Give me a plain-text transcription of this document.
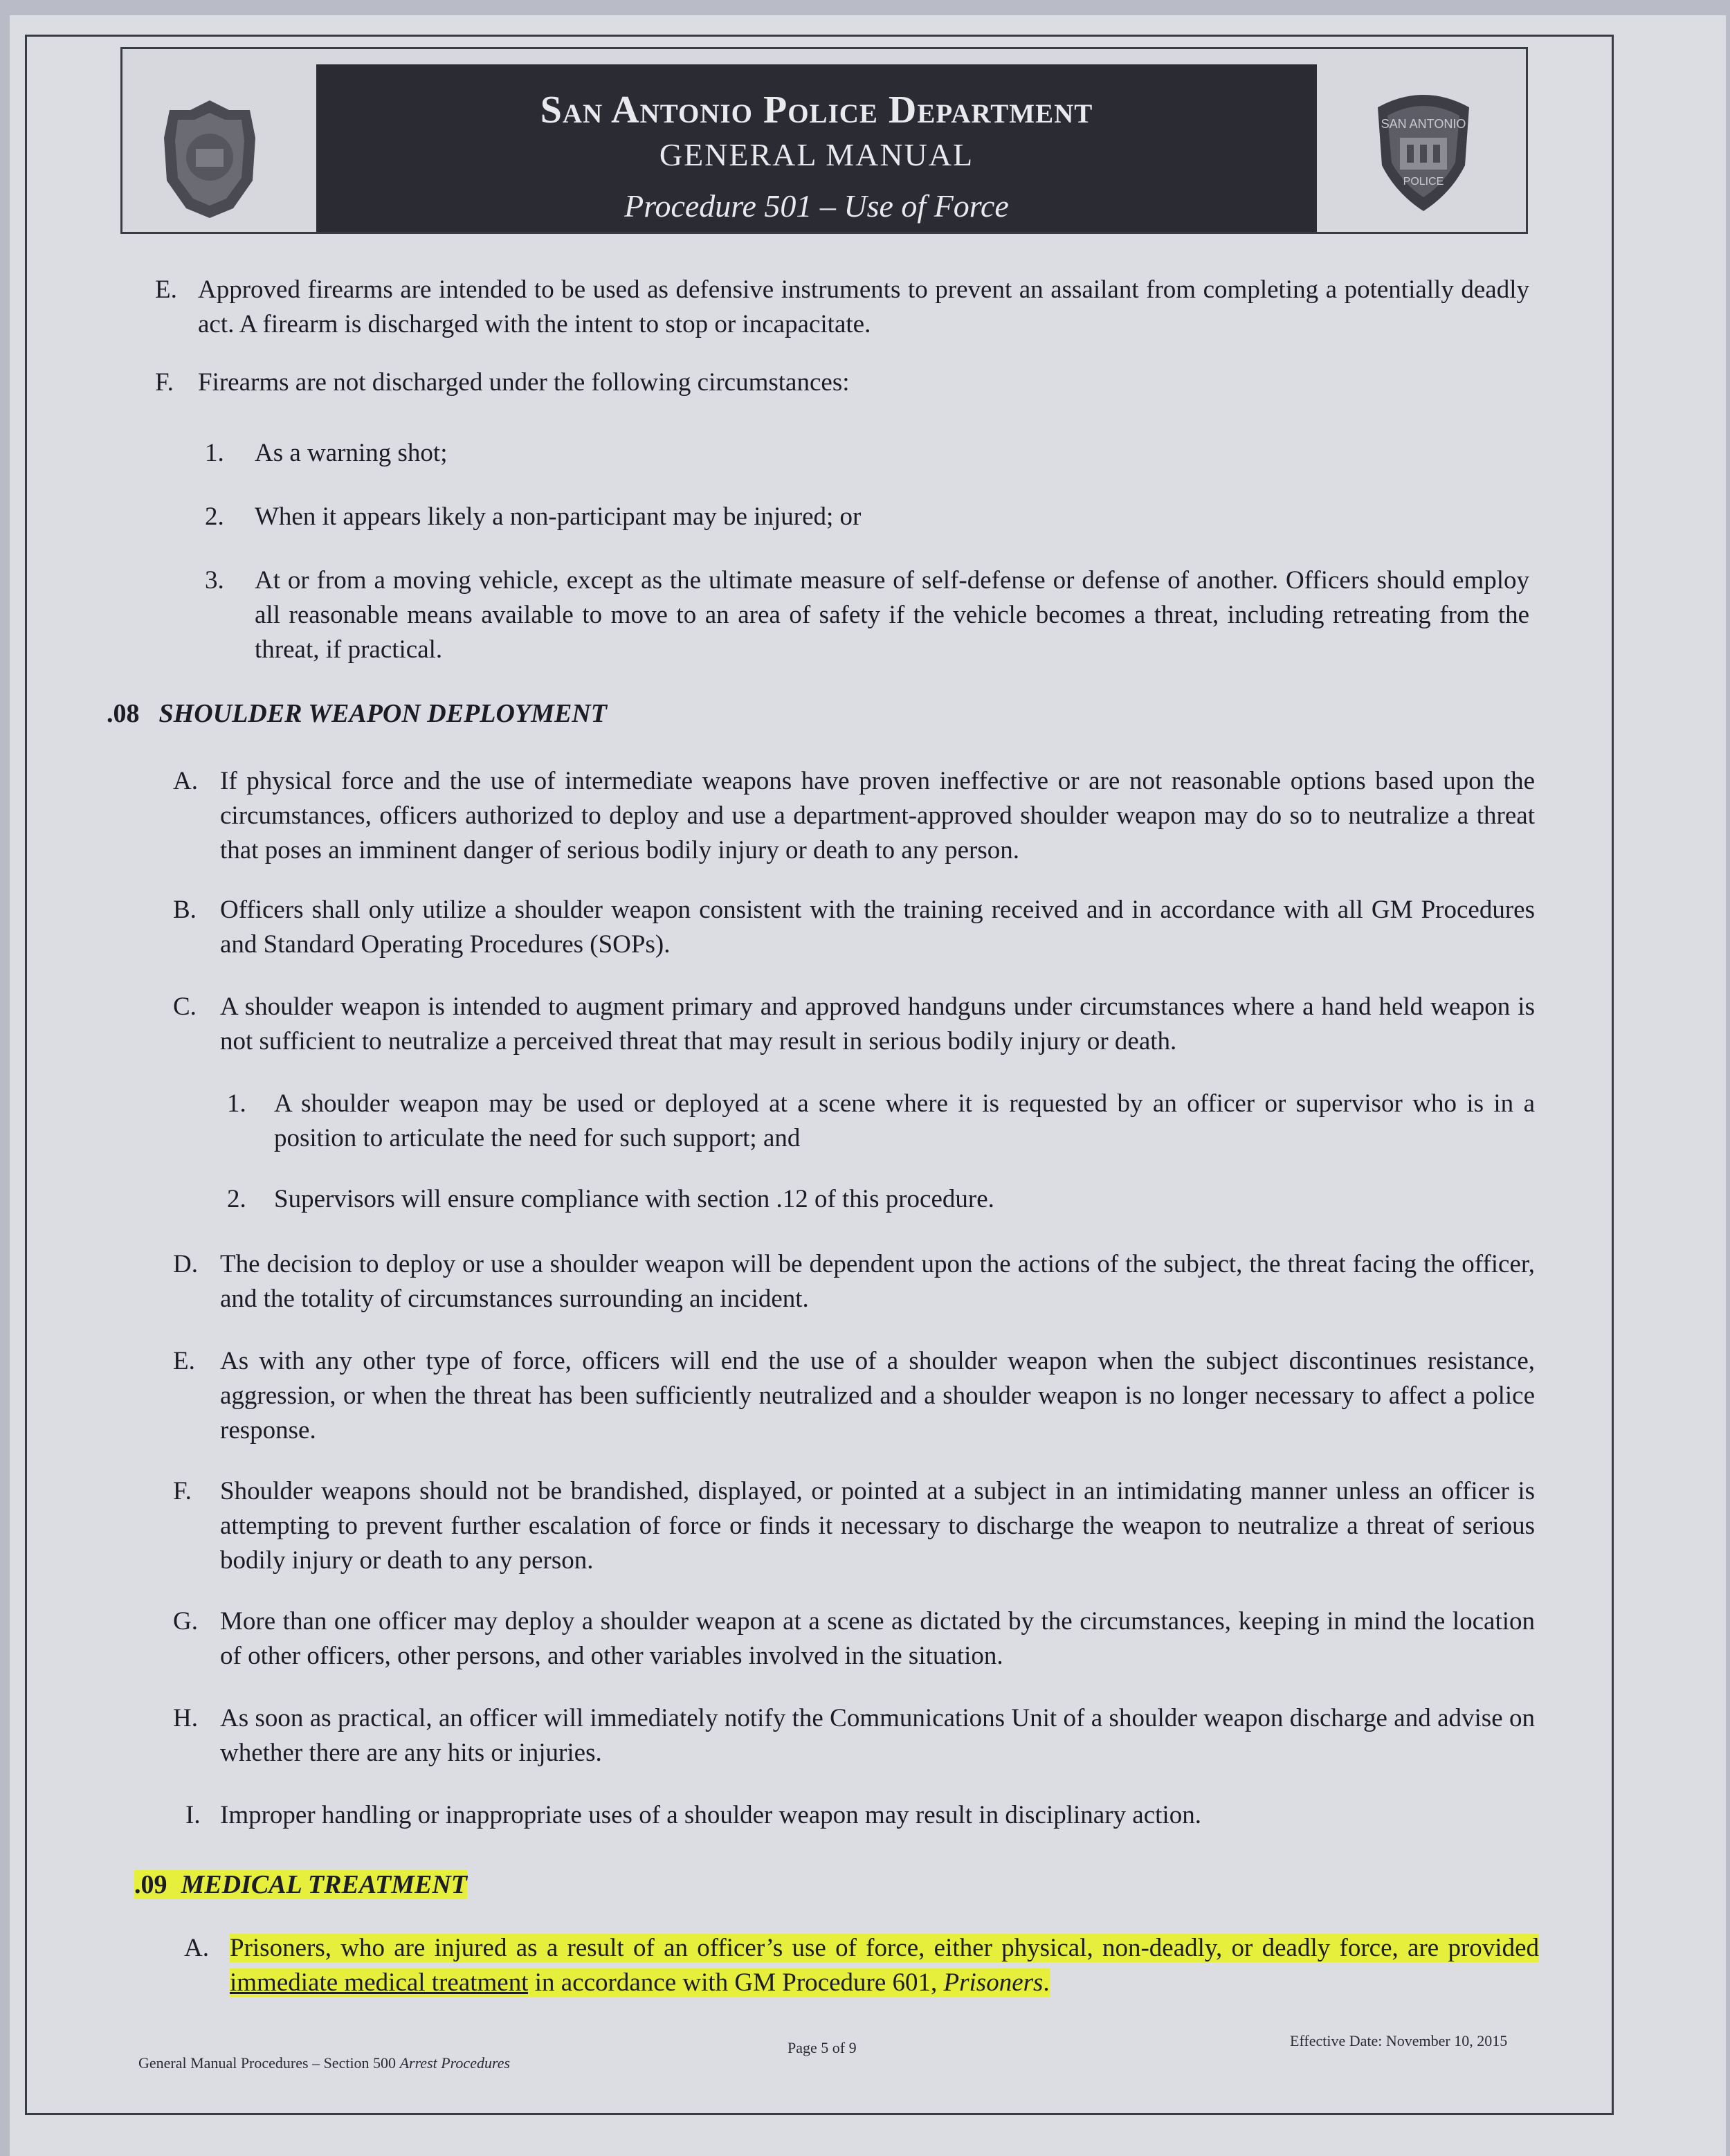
San Antonio Police Department
GENERAL MANUAL
Procedure 501 – Use of Force
SAN ANTONIO
POLICE
E. Approved firearms are intended to be used as defensive instruments to prevent an assailant from completing a potentially deadly act. A firearm is discharged with the intent to stop or incapacitate.
F. Firearms are not discharged under the following circumstances:
1. As a warning shot;
2. When it appears likely a non-participant may be injured; or
3. At or from a moving vehicle, except as the ultimate measure of self-defense or defense of another. Officers should employ all reasonable means available to move to an area of safety if the vehicle becomes a threat, including retreating from the threat, if practical.
.08 SHOULDER WEAPON DEPLOYMENT
A. If physical force and the use of intermediate weapons have proven ineffective or are not reasonable options based upon the circumstances, officers authorized to deploy and use a department-approved shoulder weapon may do so to neutralize a threat that poses an imminent danger of serious bodily injury or death to any person.
B. Officers shall only utilize a shoulder weapon consistent with the training received and in accordance with all GM Procedures and Standard Operating Procedures (SOPs).
C. A shoulder weapon is intended to augment primary and approved handguns under circumstances where a hand held weapon is not sufficient to neutralize a perceived threat that may result in serious bodily injury or death.
1. A shoulder weapon may be used or deployed at a scene where it is requested by an officer or supervisor who is in a position to articulate the need for such support; and
2. Supervisors will ensure compliance with section .12 of this procedure.
D. The decision to deploy or use a shoulder weapon will be dependent upon the actions of the subject, the threat facing the officer, and the totality of circumstances surrounding an incident.
E. As with any other type of force, officers will end the use of a shoulder weapon when the subject discontinues resistance, aggression, or when the threat has been sufficiently neutralized and a shoulder weapon is no longer necessary to affect a police response.
F. Shoulder weapons should not be brandished, displayed, or pointed at a subject in an intimidating manner unless an officer is attempting to prevent further escalation of force or finds it necessary to discharge the weapon to neutralize a threat of serious bodily injury or death to any person.
G. More than one officer may deploy a shoulder weapon at a scene as dictated by the circumstances, keeping in mind the location of other officers, other persons, and other variables involved in the situation.
H. As soon as practical, an officer will immediately notify the Communications Unit of a shoulder weapon discharge and advise on whether there are any hits or injuries.
I. Improper handling or inappropriate uses of a shoulder weapon may result in disciplinary action.
.09 MEDICAL TREATMENT
A. Prisoners, who are injured as a result of an officer’s use of force, either physical, non-deadly, or deadly force, are provided immediate medical treatment in accordance with GM Procedure 601, Prisoners.
General Manual Procedures – Section 500 Arrest Procedures
Page 5 of 9	Effective Date: November 10, 2015
